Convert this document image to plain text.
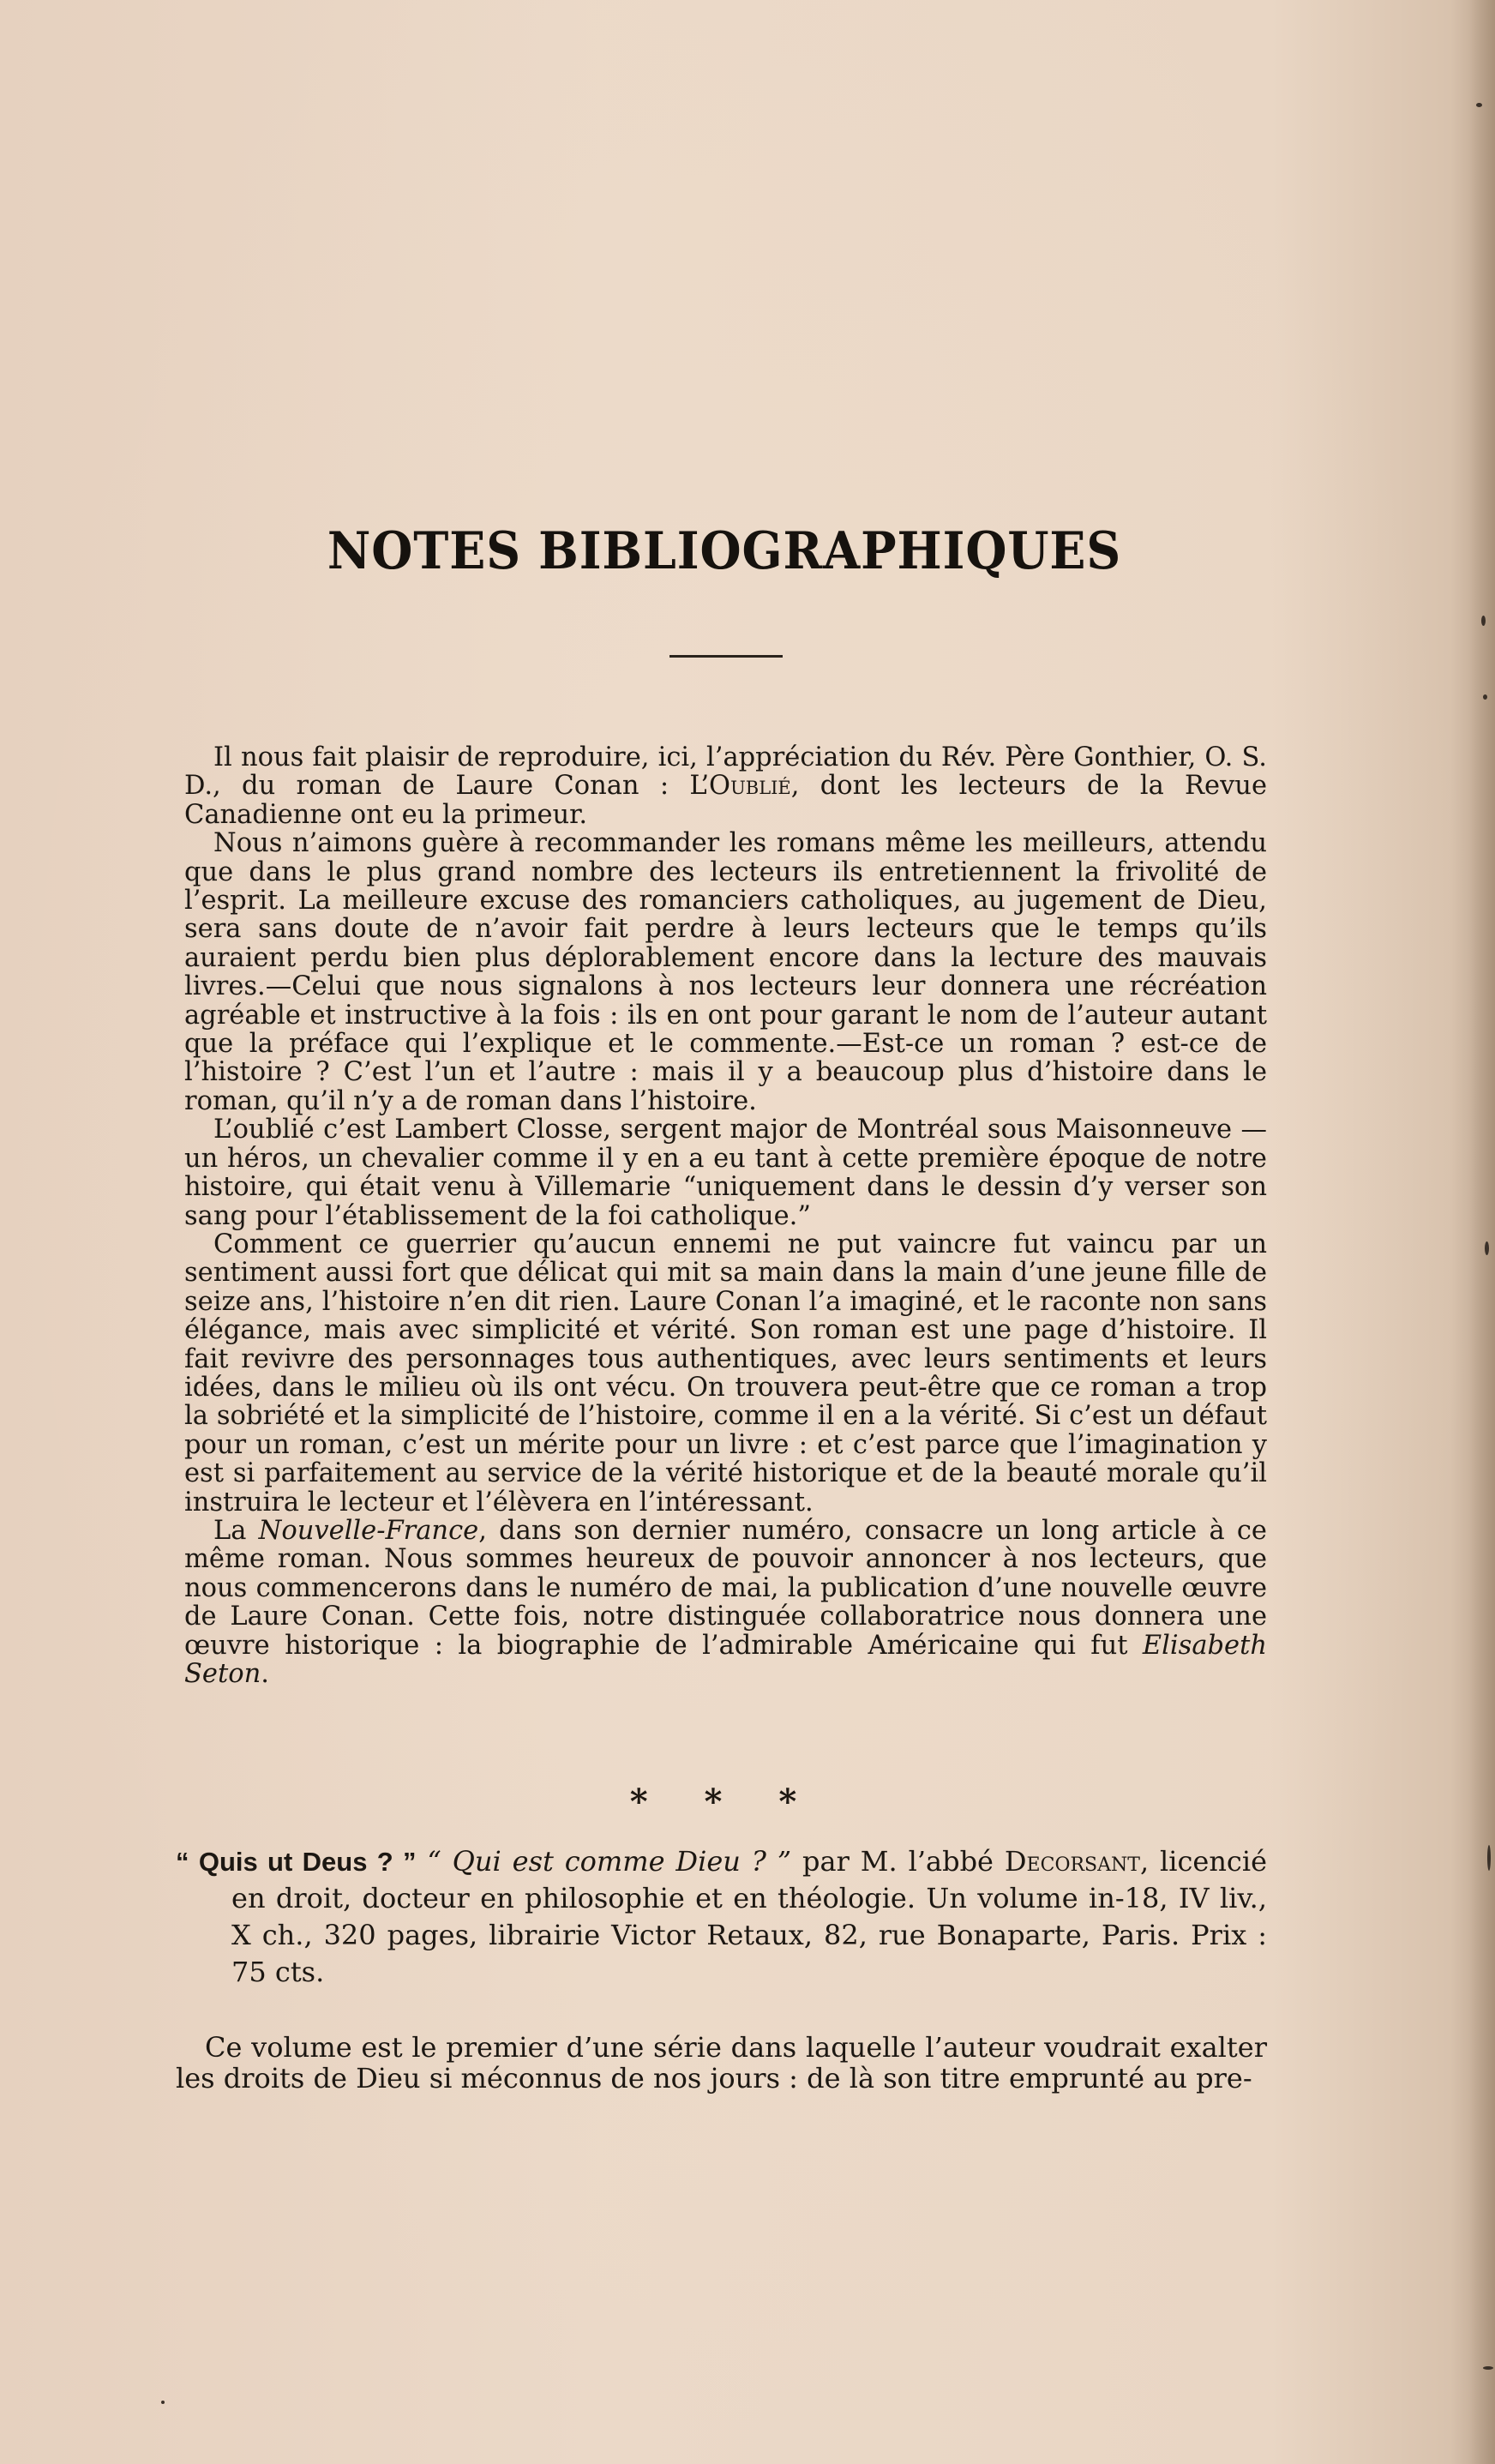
NOTES BIBLIOGRAPHIQUES

Il nous fait plaisir de reproduire, ici, l’appréciation du Rév. Père Gonthier, O. S. D., du roman de Laure Conan : L’Oublié, dont les lecteurs de la Revue Canadienne ont eu la primeur.

Nous n’aimons guère à recommander les romans même les meilleurs, attendu que dans le plus grand nombre des lecteurs ils entretiennent la frivolité de l’esprit. La meilleure excuse des romanciers catholiques, au jugement de Dieu, sera sans doute de n’avoir fait perdre à leurs lecteurs que le temps qu’ils auraient perdu bien plus déplorablement encore dans la lecture des mauvais livres.—Celui que nous signalons à nos lecteurs leur donnera une récréation agréable et instructive à la fois : ils en ont pour garant le nom de l’auteur autant que la préface qui l’explique et le commente.—Est-ce un roman ? est-ce de l’histoire ? C’est l’un et l’autre : mais il y a beaucoup plus d’histoire dans le roman, qu’il n’y a de roman dans l’histoire.

L’oublié c’est Lambert Closse, sergent major de Montréal sous Maisonneuve —un héros, un chevalier comme il y en a eu tant à cette première époque de notre histoire, qui était venu à Villemarie “uniquement dans le dessin d’y verser son sang pour l’établissement de la foi catholique.”

Comment ce guerrier qu’aucun ennemi ne put vaincre fut vaincu par un sentiment aussi fort que délicat qui mit sa main dans la main d’une jeune fille de seize ans, l’histoire n’en dit rien. Laure Conan l’a imaginé, et le raconte non sans élégance, mais avec simplicité et vérité. Son roman est une page d’histoire. Il fait revivre des personnages tous authentiques, avec leurs sentiments et leurs idées, dans le milieu où ils ont vécu. On trouvera peut-être que ce roman a trop la sobriété et la simplicité de l’histoire, comme il en a la vérité. Si c’est un défaut pour un roman, c’est un mérite pour un livre : et c’est parce que l’imagination y est si parfaitement au service de la vérité historique et de la beauté morale qu’il instruira le lecteur et l’élèvera en l’intéressant.

La Nouvelle-France, dans son dernier numéro, consacre un long article à ce même roman. Nous sommes heureux de pouvoir annoncer à nos lecteurs, que nous commencerons dans le numéro de mai, la publication d’une nouvelle œuvre de Laure Conan. Cette fois, notre distinguée collaboratrice nous donnera une œuvre historique : la biographie de l’admirable Américaine qui fut Elisabeth Seton.

* * *
“ Quis ut Deus ? ” “ Qui est comme Dieu ? ” par M. l’abbé Decorsant, licencié en droit, docteur en philosophie et en théologie. Un volume in-18, IV liv., X ch., 320 pages, librairie Victor Retaux, 82, rue Bonaparte, Paris. Prix : 75 cts.

Ce volume est le premier d’une série dans laquelle l’auteur voudrait exalter les droits de Dieu si méconnus de nos jours : de là son titre emprunté au pre-
